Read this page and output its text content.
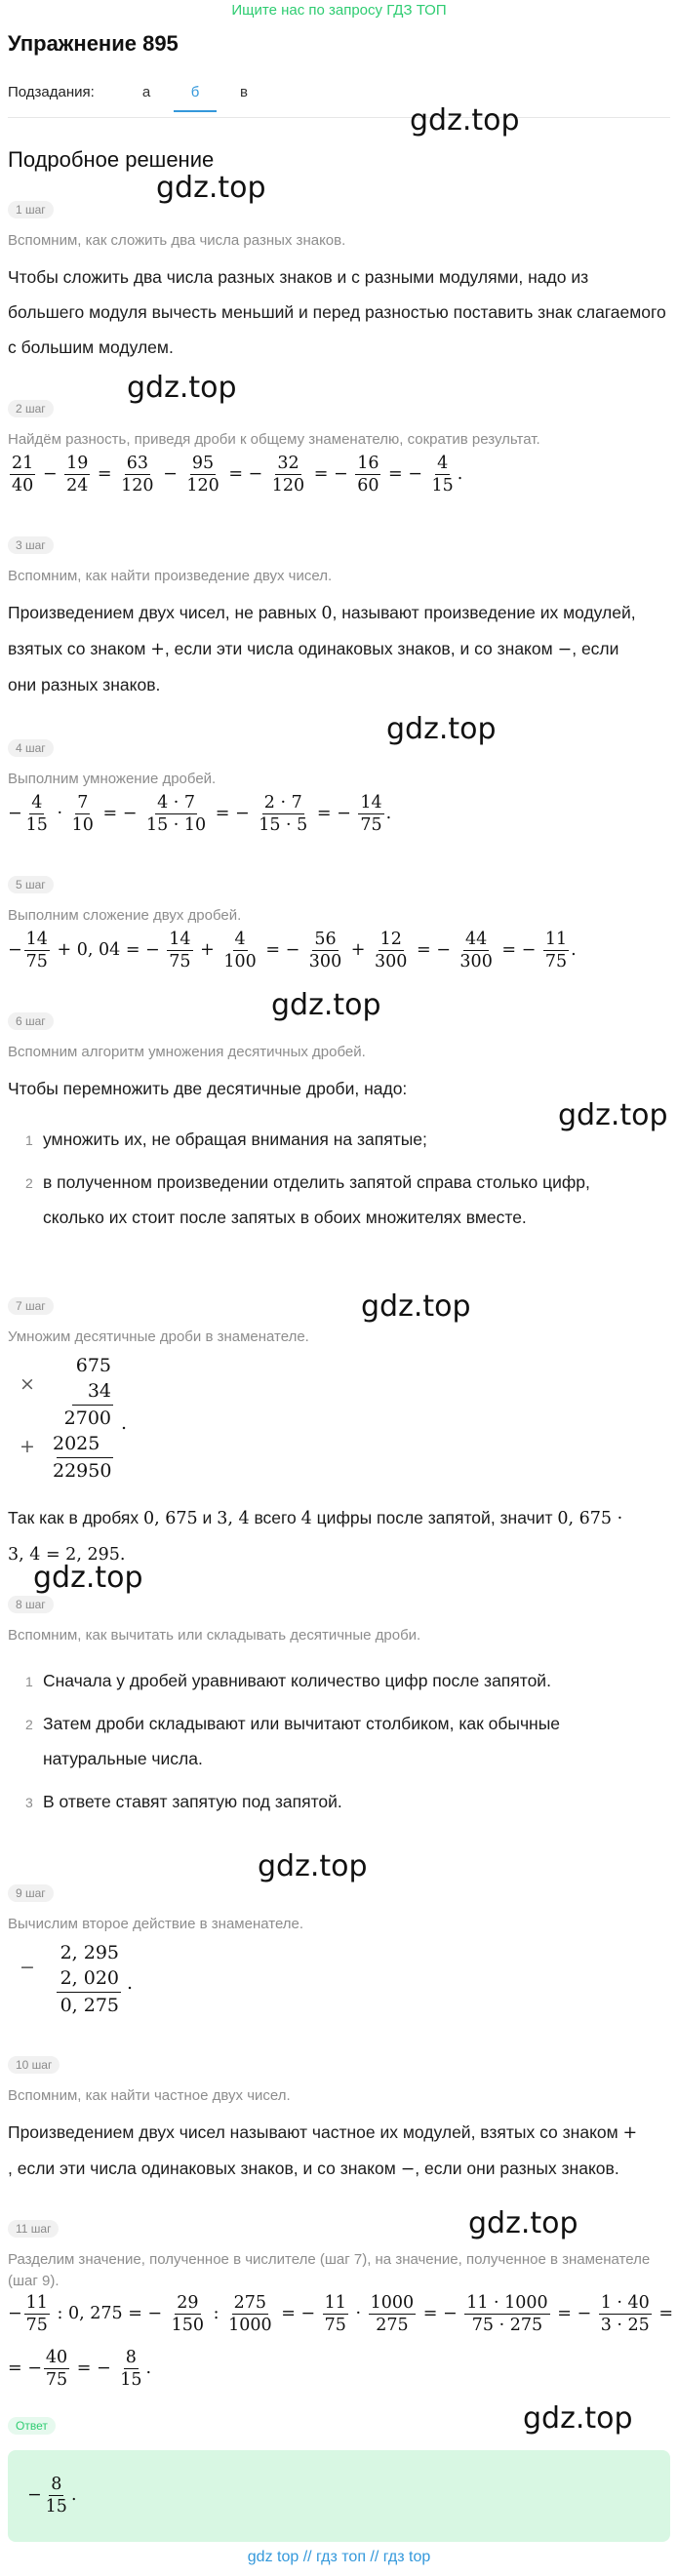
Ищите нас по запросу ГДЗ ТОП
Упражнение 895
Подзадания:	а	б	в
gdz.top
gdz.top
gdz.top
gdz.top
gdz.top
gdz.top
gdz.top
gdz.top
gdz.top
gdz.top
gdz.top
Подробное решение
1 шаг
Вспомним, как сложить два числа разных знаков.
Чтобы сложить два числа разных знаков и с разными модулями, надо из большего модуля вычесть меньший и перед разностью поставить знак слагаемого с большим модулем.
2 шаг
Найдём разность, приведя дроби к общему знаменателю, сократив результат.
$\frac{21}{40} - \frac{19}{24} = \frac{63}{120} - \frac{95}{120}$ = − $\frac{32}{120}$ = − $\frac{16}{60}$ = − $\frac{4}{15}$ .
3 шаг
Вспомним, как найти произведение двух чисел.
Произведением двух чисел, не равных 0, называют произведение их модулей,
взятых со знаком +, если эти числа одинаковых знаков, и со знаком −, если
они разных знаков.
4 шаг
Выполним умножение дробей.
− $\frac{4}{15} \cdot \frac{7}{10}$ = − $\frac{4 \cdot 7}{15 \cdot 10}$ = − $\frac{2 \cdot 7}{15 \cdot 5}$ = − $\frac{14}{75}$ .
5 шаг
Выполним сложение двух дробей.
− $\frac{14}{75} + 0$, 04 = − $\frac{14}{75} + \frac{4}{100}$ = − $\frac{56}{300} + \frac{12}{300}$ = − $\frac{44}{300}$ = − $\frac{11}{75}$ .
6 шаг
Вспомним алгоритм умножения десятичных дробей.
Чтобы перемножить две десятичные дроби, надо:
1 умножить их, не обращая внимания на запятые;
2 в полученном произведении отделить запятой справа столько цифр,
сколько их стоит после запятых в обоих множителях вместе.
7 шаг
Умножим десятичные дроби в знаменателе.
×
+
675
34
2700
2025
22950
.
Так как в дробях 0, 675 и 3, 4 всего 4 цифры после запятой, значит 0, 675 ·
3, 4 = 2, 295.
8 шаг
Вспомним, как вычитать или складывать десятичные дроби.
1 Сначала у дробей уравнивают количество цифр после запятой.
2 Затем дроби складывают или вычитают столбиком, как обычные
натуральные числа.
3 В ответе ставят запятую под запятой.
9 шаг
Вычислим второе действие в знаменателе.
−
2, 295
2, 020
0, 275
.
10 шаг
Вспомним, как найти частное двух чисел.
Произведением двух чисел называют частное их модулей, взятых со знаком +
, если эти числа одинаковых знаков, и со знаком −, если они разных знаков.
11 шаг
Разделим значение, полученное в числителе (шаг 7), на значение, полученное в знаменателе (шаг 9).
− $\frac{11}{75}$ : 0, 275 = − $\frac{29}{150}$ : $\frac{275}{1000}$ = − $\frac{11}{75} \cdot \frac{1000}{275}$ = − $\frac{11 \cdot 1000}{75 \cdot 275}$ = − $\frac{1 \cdot 40}{3 \cdot 25}$ =
= − $\frac{40}{75}$ = − $\frac{8}{15}$ .
Ответ
− $\frac{8}{15}$ .
gdz top // гдз топ // гдз top
